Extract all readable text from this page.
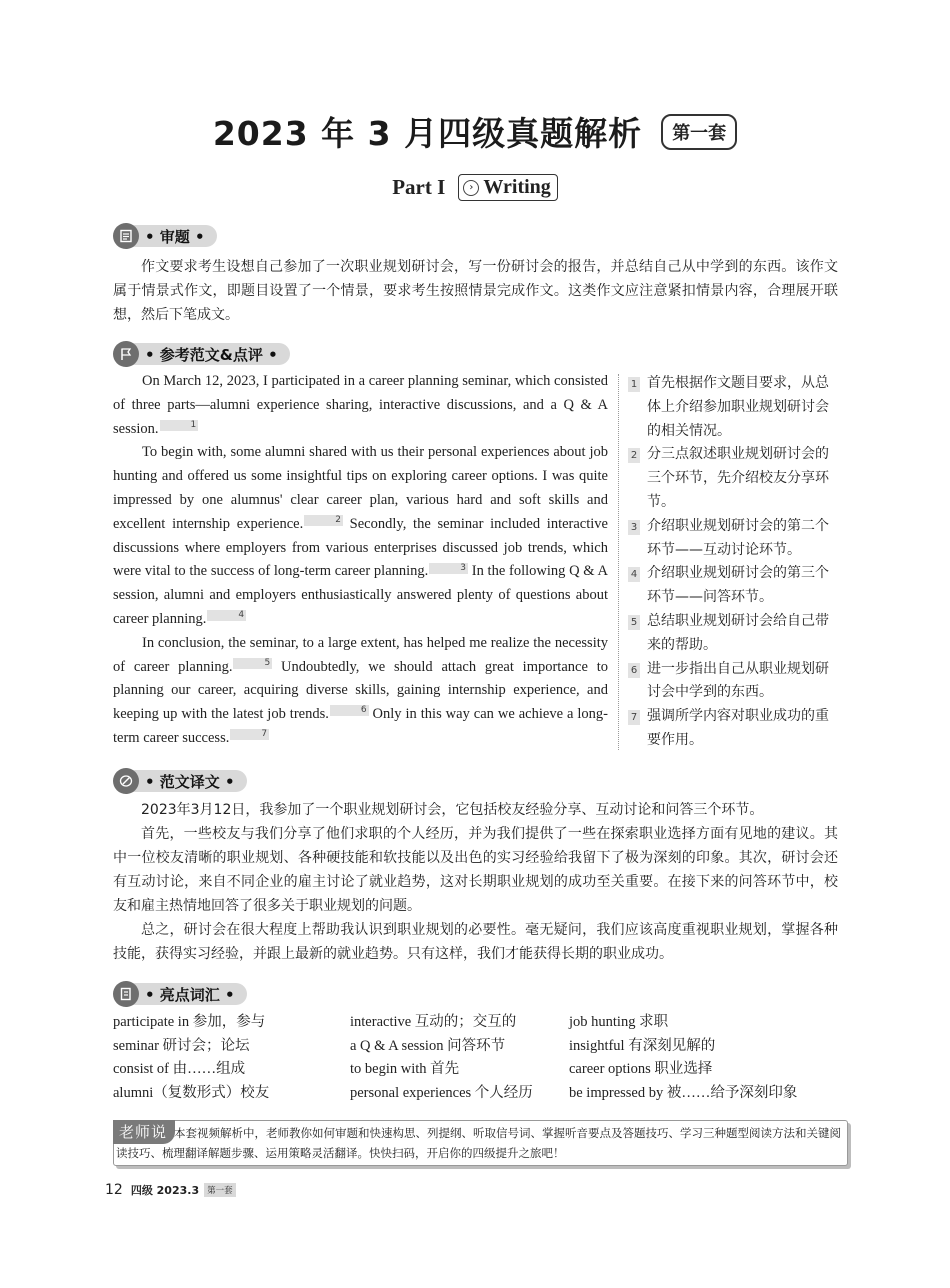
2023 年 3 月四级真题解析 第一套
Part I	› Writing
• 审题 •

作文要求考生设想自己参加了一次职业规划研讨会，写一份研讨会的报告，并总结自己从中学到的东西。该作文属于情景式作文，即题目设置了一个情景，要求考生按照情景完成作文。这类作文应注意紧扣情景内容，合理展开联想，然后下笔成文。

• 参考范文&点评 •

On March 12, 2023, I participated in a career planning seminar, which consisted of three parts—alumni experience sharing, interactive discussions, and a Q & A session.	1

To begin with, some alumni shared with us their personal experiences about job hunting and offered us some insightful tips on exploring career options. I was quite impressed by one alumnus' clear career plan, various hard and soft skills and excellent internship experience.	2 Secondly, the seminar included interactive discussions where employers from various enterprises discussed job trends, which were vital to the success of long-term career planning.	3 In the following Q & A session, alumni and employers enthusiastically answered plenty of questions about career planning.	4

In conclusion, the seminar, to a large extent, has helped me realize the necessity of career planning.	5 Undoubtedly, we should attach great importance to planning our career, acquiring diverse skills, gaining internship experience, and keeping up with the latest job trends.	6 Only in this way can we achieve a long-term career success.	7

1 首先根据作文题目要求，从总体上介绍参加职业规划研讨会的相关情况。
2 分三点叙述职业规划研讨会的三个环节，先介绍校友分享环节。
3 介绍职业规划研讨会的第二个环节——互动讨论环节。
4 介绍职业规划研讨会的第三个环节——问答环节。
5 总结职业规划研讨会给自己带来的帮助。
6 进一步指出自己从职业规划研讨会中学到的东西。
7 强调所学内容对职业成功的重要作用。
• 范文译文 •

2023年3月12日，我参加了一个职业规划研讨会，它包括校友经验分享、互动讨论和问答三个环节。

首先，一些校友与我们分享了他们求职的个人经历，并为我们提供了一些在探索职业选择方面有见地的建议。其中一位校友清晰的职业规划、各种硬技能和软技能以及出色的实习经验给我留下了极为深刻的印象。其次，研讨会还有互动讨论，来自不同企业的雇主讨论了就业趋势，这对长期职业规划的成功至关重要。在接下来的问答环节中，校友和雇主热情地回答了很多关于职业规划的问题。

总之，研讨会在很大程度上帮助我认识到职业规划的必要性。毫无疑问，我们应该高度重视职业规划，掌握各种技能，获得实习经验，并跟上最新的就业趋势。只有这样，我们才能获得长期的职业成功。

• 亮点词汇 •
participate in 参加，参与	interactive 互动的；交互的	job hunting 求职
seminar 研讨会；论坛	a Q & A session 问答环节	insightful 有深刻见解的
consist of 由……组成	to begin with 首先	career options 职业选择
alumni（复数形式）校友	personal experiences 个人经历	be impressed by 被……给予深刻印象
老师说 本套视频解析中，老师教你如何审题和快速构思、列提纲、听取信号词、掌握听音要点及答题技巧、学习三种题型阅读方法和关键阅读技巧、梳理翻译解题步骤、运用策略灵活翻译。快快扫码，开启你的四级提升之旅吧！
12 四级 2023.3 第一套
